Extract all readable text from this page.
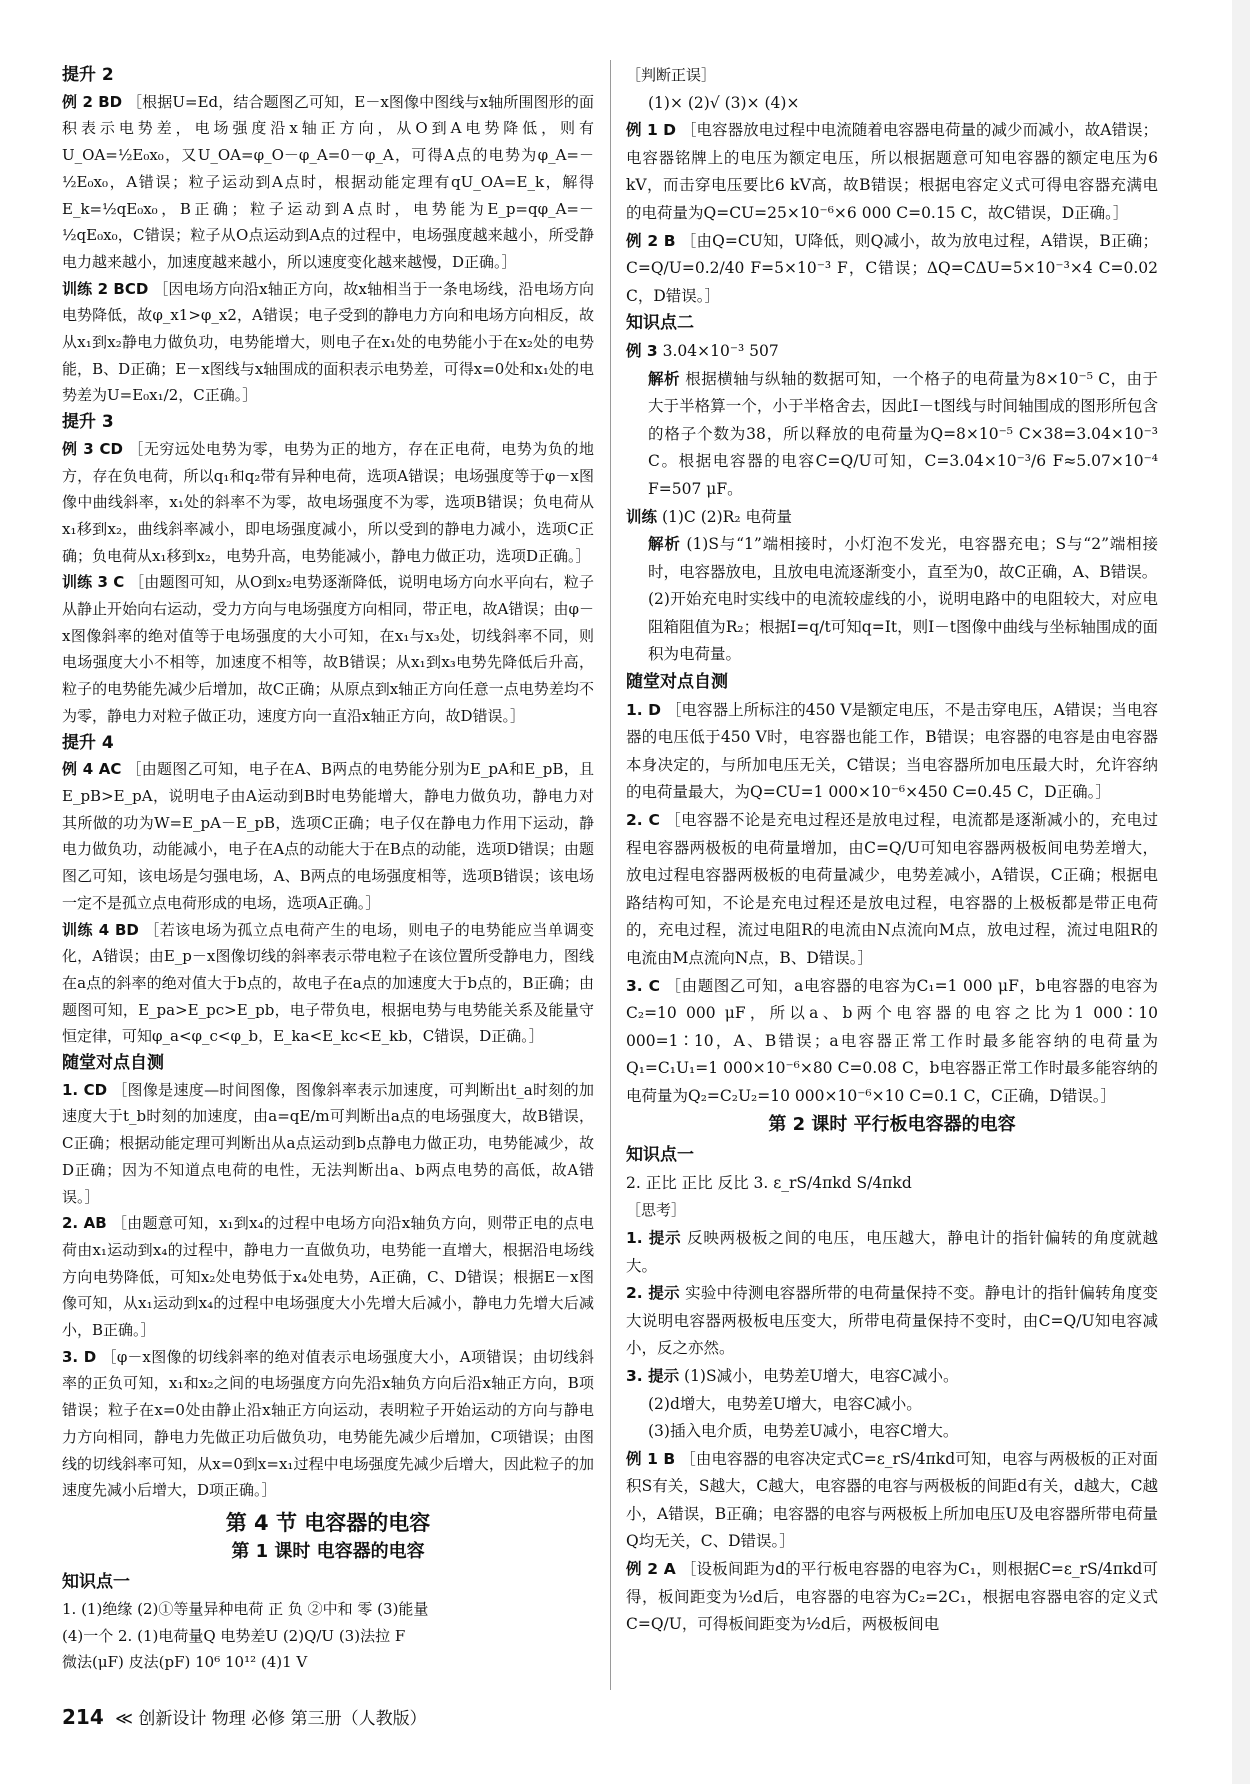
提升 2

例 2 BD ［根据U=Ed，结合题图乙可知，E－x图像中图线与x轴所围图形的面积表示电势差，电场强度沿x轴正方向，从O到A电势降低，则有U_OA=½E₀x₀，又U_OA=φ_O－φ_A=0－φ_A，可得A点的电势为φ_A=－½E₀x₀，A错误；粒子运动到A点时，根据动能定理有qU_OA=E_k，解得E_k=½qE₀x₀，B正确；粒子运动到A点时，电势能为E_p=qφ_A=－½qE₀x₀，C错误；粒子从O点运动到A点的过程中，电场强度越来越小，所受静电力越来越小，加速度越来越小，所以速度变化越来越慢，D正确。］

训练 2 BCD ［因电场方向沿x轴正方向，故x轴相当于一条电场线，沿电场方向电势降低，故φ_x1>φ_x2，A错误；电子受到的静电力方向和电场方向相反，故从x₁到x₂静电力做负功，电势能增大，则电子在x₁处的电势能小于在x₂处的电势能，B、D正确；E－x图线与x轴围成的面积表示电势差，可得x=0处和x₁处的电势差为U=E₀x₁/2，C正确。］

提升 3

例 3 CD ［无穷远处电势为零，电势为正的地方，存在正电荷，电势为负的地方，存在负电荷，所以q₁和q₂带有异种电荷，选项A错误；电场强度等于φ－x图像中曲线斜率，x₁处的斜率不为零，故电场强度不为零，选项B错误；负电荷从x₁移到x₂，曲线斜率减小，即电场强度减小，所以受到的静电力减小，选项C正确；负电荷从x₁移到x₂，电势升高，电势能减小，静电力做正功，选项D正确。］

训练 3 C ［由题图可知，从O到x₂电势逐渐降低，说明电场方向水平向右，粒子从静止开始向右运动，受力方向与电场强度方向相同，带正电，故A错误；由φ－x图像斜率的绝对值等于电场强度的大小可知，在x₁与x₃处，切线斜率不同，则电场强度大小不相等，加速度不相等，故B错误；从x₁到x₃电势先降低后升高，粒子的电势能先减少后增加，故C正确；从原点到x轴正方向任意一点电势差均不为零，静电力对粒子做正功，速度方向一直沿x轴正方向，故D错误。］

提升 4

例 4 AC ［由题图乙可知，电子在A、B两点的电势能分别为E_pA和E_pB，且E_pB>E_pA，说明电子由A运动到B时电势能增大，静电力做负功，静电力对其所做的功为W=E_pA－E_pB，选项C正确；电子仅在静电力作用下运动，静电力做负功，动能减小，电子在A点的动能大于在B点的动能，选项D错误；由题图乙可知，该电场是匀强电场，A、B两点的电场强度相等，选项B错误；该电场一定不是孤立点电荷形成的电场，选项A正确。］

训练 4 BD ［若该电场为孤立点电荷产生的电场，则电子的电势能应当单调变化，A错误；由E_p－x图像切线的斜率表示带电粒子在该位置所受静电力，图线在a点的斜率的绝对值大于b点的，故电子在a点的加速度大于b点的，B正确；由题图可知，E_pa>E_pc>E_pb，电子带负电，根据电势与电势能关系及能量守恒定律，可知φ_a<φ_c<φ_b，E_ka<E_kc<E_kb，C错误，D正确。］

随堂对点自测

1. CD ［图像是速度—时间图像，图像斜率表示加速度，可判断出t_a时刻的加速度大于t_b时刻的加速度，由a=qE/m可判断出a点的电场强度大，故B错误，C正确；根据动能定理可判断出从a点运动到b点静电力做正功，电势能减少，故D正确；因为不知道点电荷的电性，无法判断出a、b两点电势的高低，故A错误。］

2. AB ［由题意可知，x₁到x₄的过程中电场方向沿x轴负方向，则带正电的点电荷由x₁运动到x₄的过程中，静电力一直做负功，电势能一直增大，根据沿电场线方向电势降低，可知x₂处电势低于x₄处电势，A正确，C、D错误；根据E－x图像可知，从x₁运动到x₄的过程中电场强度大小先增大后减小，静电力先增大后减小，B正确。］

3. D ［φ－x图像的切线斜率的绝对值表示电场强度大小，A项错误；由切线斜率的正负可知，x₁和x₂之间的电场强度方向先沿x轴负方向后沿x轴正方向，B项错误；粒子在x=0处由静止沿x轴正方向运动，表明粒子开始运动的方向与静电力方向相同，静电力先做正功后做负功，电势能先减少后增加，C项错误；由图线的切线斜率可知，从x=0到x=x₁过程中电场强度先减少后增大，因此粒子的加速度先减小后增大，D项正确。］

第 4 节 电容器的电容
第 1 课时 电容器的电容
知识点一
1. (1)绝缘 (2)①等量异种电荷 正 负 ②中和 零 (3)能量
(4)一个 2. (1)电荷量Q 电势差U (2)Q/U (3)法拉 F
微法(μF) 皮法(pF) 10⁶ 10¹² (4)1 V
［判断正误］
(1)× (2)√ (3)× (4)×

例 1 D ［电容器放电过程中电流随着电容器电荷量的减少而减小，故A错误；电容器铭牌上的电压为额定电压，所以根据题意可知电容器的额定电压为6 kV，而击穿电压要比6 kV高，故B错误；根据电容定义式可得电容器充满电的电荷量为Q=CU=25×10⁻⁶×6 000 C=0.15 C，故C错误，D正确。］

例 2 B ［由Q=CU知，U降低，则Q减小，故为放电过程，A错误，B正确；C=Q/U=0.2/40 F=5×10⁻³ F，C错误；ΔQ=CΔU=5×10⁻³×4 C=0.02 C，D错误。］

知识点二
例 3 3.04×10⁻³ 507

解析 根据横轴与纵轴的数据可知，一个格子的电荷量为8×10⁻⁵ C，由于大于半格算一个，小于半格舍去，因此I－t图线与时间轴围成的图形所包含的格子个数为38，所以释放的电荷量为Q=8×10⁻⁵ C×38=3.04×10⁻³ C。根据电容器的电容C=Q/U可知，C=3.04×10⁻³/6 F≈5.07×10⁻⁴ F=507 μF。

训练 (1)C (2)R₂ 电荷量

解析 (1)S与“1”端相接时，小灯泡不发光，电容器充电；S与“2”端相接时，电容器放电，且放电电流逐渐变小，直至为0，故C正确，A、B错误。

(2)开始充电时实线中的电流较虚线的小，说明电路中的电阻较大，对应电阻箱阻值为R₂；根据I=q/t可知q=It，则I－t图像中曲线与坐标轴围成的面积为电荷量。

随堂对点自测

1. D ［电容器上所标注的450 V是额定电压，不是击穿电压，A错误；当电容器的电压低于450 V时，电容器也能工作，B错误；电容器的电容是由电容器本身决定的，与所加电压无关，C错误；当电容器所加电压最大时，允许容纳的电荷量最大，为Q=CU=1 000×10⁻⁶×450 C=0.45 C，D正确。］

2. C ［电容器不论是充电过程还是放电过程，电流都是逐渐减小的，充电过程电容器两极板的电荷量增加，由C=Q/U可知电容器两极板间电势差增大，放电过程电容器两极板的电荷量减少，电势差减小，A错误，C正确；根据电路结构可知，不论是充电过程还是放电过程，电容器的上极板都是带正电荷的，充电过程，流过电阻R的电流由N点流向M点，放电过程，流过电阻R的电流由M点流向N点，B、D错误。］

3. C ［由题图乙可知，a电容器的电容为C₁=1 000 μF，b电容器的电容为C₂=10 000 μF，所以a、b两个电容器的电容之比为1 000∶10 000=1∶10，A、B错误；a电容器正常工作时最多能容纳的电荷量为Q₁=C₁U₁=1 000×10⁻⁶×80 C=0.08 C，b电容器正常工作时最多能容纳的电荷量为Q₂=C₂U₂=10 000×10⁻⁶×10 C=0.1 C，C正确，D错误。］

第 2 课时 平行板电容器的电容
知识点一
2. 正比 正比 反比 3. ε_rS/4πkd S/4πkd
［思考］

1. 提示 反映两极板之间的电压，电压越大，静电计的指针偏转的角度就越大。

2. 提示 实验中待测电容器所带的电荷量保持不变。静电计的指针偏转角度变大说明电容器两极板电压变大，所带电荷量保持不变时，由C=Q/U知电容减小，反之亦然。

3. 提示 (1)S减小，电势差U增大，电容C减小。
(2)d增大，电势差U增大，电容C减小。
(3)插入电介质，电势差U减小，电容C增大。

例 1 B ［由电容器的电容决定式C=ε_rS/4πkd可知，电容与两极板的正对面积S有关，S越大，C越大，电容器的电容与两极板的间距d有关，d越大，C越小，A错误，B正确；电容器的电容与两极板上所加电压U及电容器所带电荷量Q均无关，C、D错误。］

例 2 A ［设板间距为d的平行板电容器的电容为C₁，则根据C=ε_rS/4πkd可得，板间距变为½d后，电容器的电容为C₂=2C₁，根据电容器电容的定义式C=Q/U，可得板间距变为½d后，两极板间电

214 ≪ 创新设计 物理 必修 第三册（人教版）
